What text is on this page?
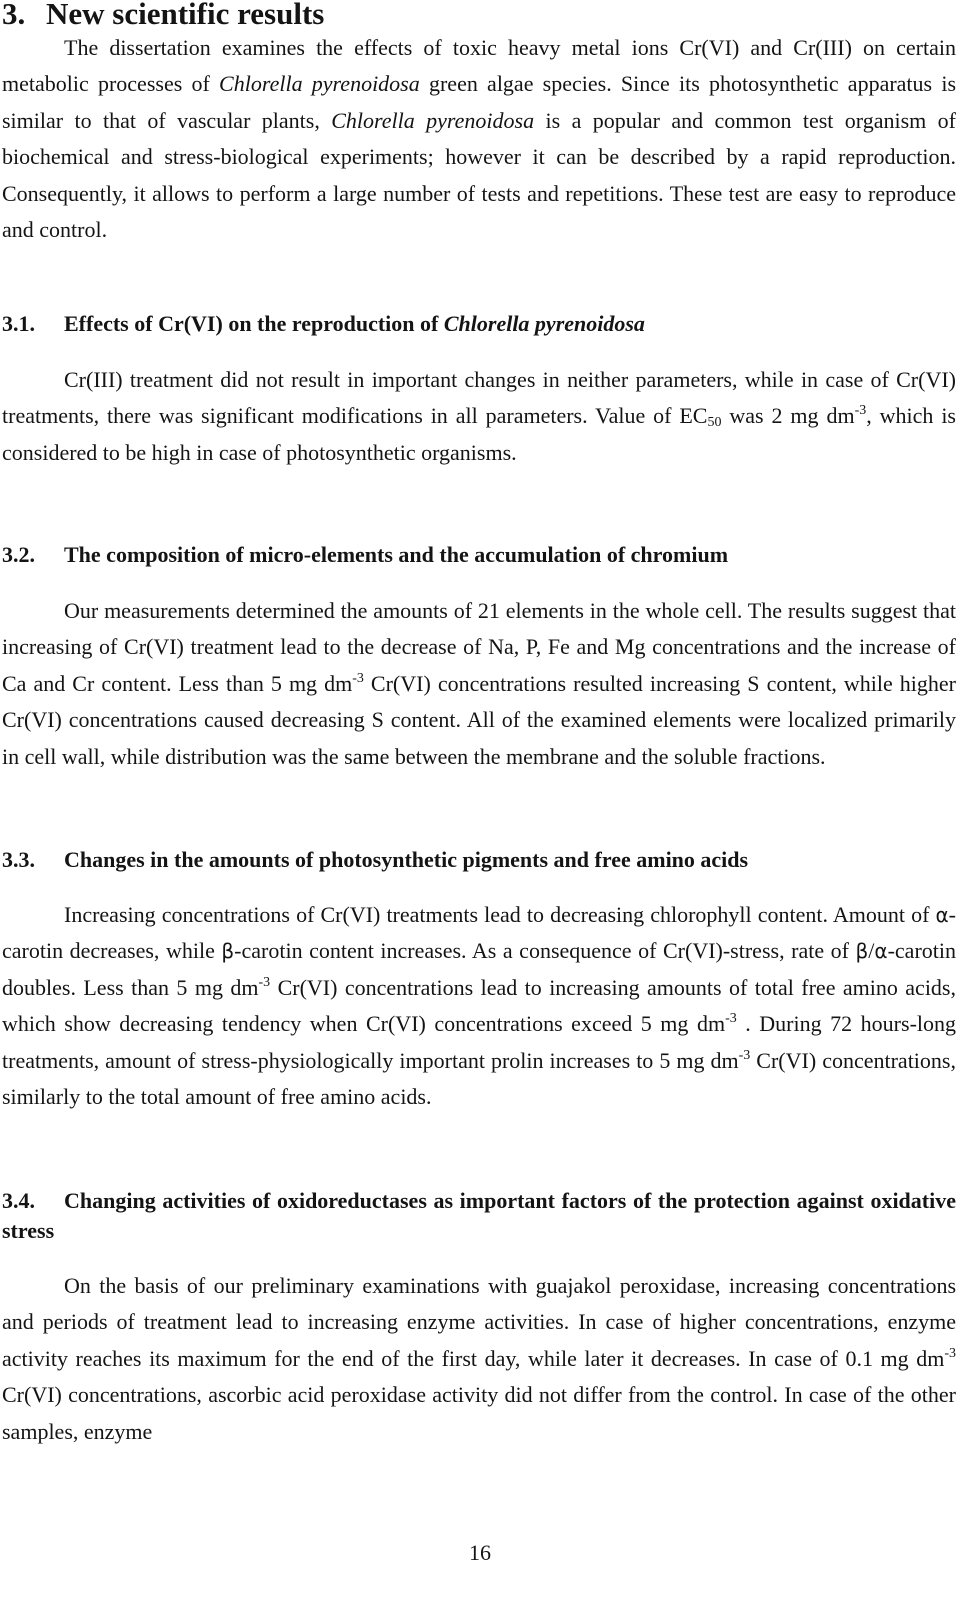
3. New scientific results

The dissertation examines the effects of toxic heavy metal ions Cr(VI) and Cr(III) on certain metabolic processes of Chlorella pyrenoidosa green algae species. Since its photosynthetic apparatus is similar to that of vascular plants, Chlorella pyrenoidosa is a popular and common test organism of biochemical and stress-biological experiments; however it can be described by a rapid reproduction. Consequently, it allows to perform a large number of tests and repetitions. These test are easy to reproduce and control.

3.1. Effects of Cr(VI) on the reproduction of Chlorella pyrenoidosa

Cr(III) treatment did not result in important changes in neither parameters, while in case of Cr(VI) treatments, there was significant modifications in all parameters. Value of $EC_{50}$ was 2 mg $dm^{-3}$, which is considered to be high in case of photosynthetic organisms.

3.2. The composition of micro-elements and the accumulation of chromium

Our measurements determined the amounts of 21 elements in the whole cell. The results suggest that increasing of Cr(VI) treatment lead to the decrease of Na, P, Fe and Mg concentrations and the increase of Ca and Cr content. Less than 5 mg $dm^{-3}$ Cr(VI) concentrations resulted increasing S content, while higher Cr(VI) concentrations caused decreasing S content. All of the examined elements were localized primarily in cell wall, while distribution was the same between the membrane and the soluble fractions.

3.3. Changes in the amounts of photosynthetic pigments and free amino acids

Increasing concentrations of Cr(VI) treatments lead to decreasing chlorophyll content. Amount of α-carotin decreases, while β-carotin content increases. As a consequence of Cr(VI)-stress, rate of β/α-carotin doubles. Less than 5 mg $dm^{-3}$ Cr(VI) concentrations lead to increasing amounts of total free amino acids, which show decreasing tendency when Cr(VI) concentrations exceed 5 mg $dm^{-3}$ . During 72 hours-long treatments, amount of stress-physiologically important prolin increases to 5 mg $dm^{-3}$ Cr(VI) concentrations, similarly to the total amount of free amino acids.

3.4. Changing activities of oxidoreductases as important factors of the protection against oxidative stress

On the basis of our preliminary examinations with guajakol peroxidase, increasing concentrations and periods of treatment lead to increasing enzyme activities. In case of higher concentrations, enzyme activity reaches its maximum for the end of the first day, while later it decreases. In case of 0.1 mg $dm^{-3}$ Cr(VI) concentrations, ascorbic acid peroxidase activity did not differ from the control. In case of the other samples, enzyme

16
